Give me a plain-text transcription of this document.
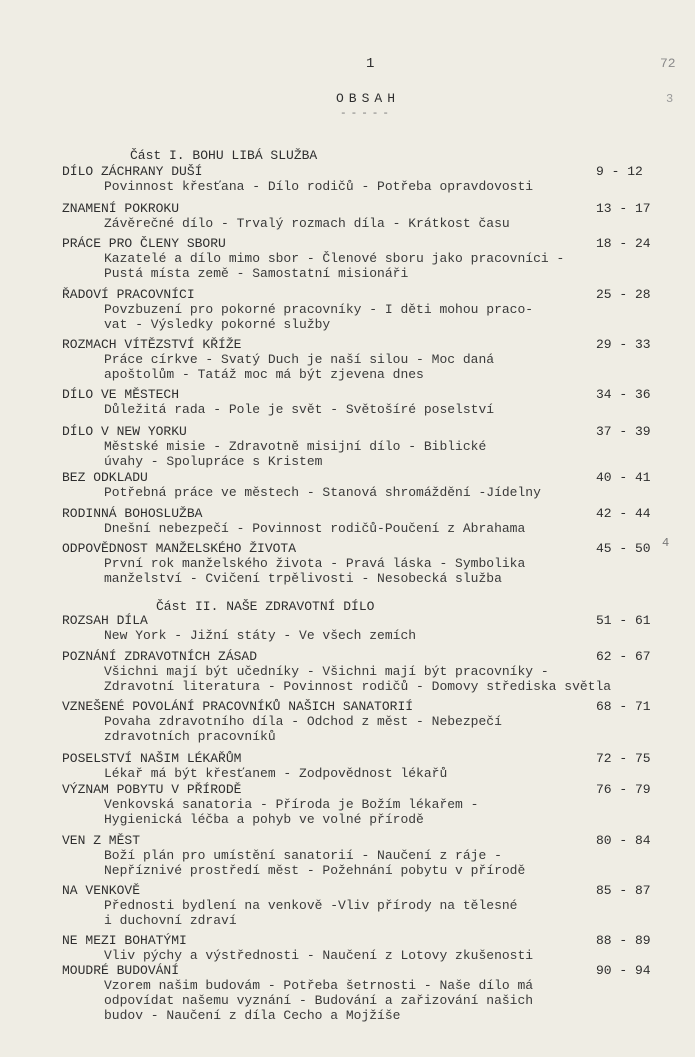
1	72
3
4
OBSAH
-----
Část I. BOHU LIBÁ SLUŽBA
Část II. NAŠE ZDRAVOTNÍ DÍLO
DÍLO ZÁCHRANY DUŠÍ	9 - 12
Povinnost křesťana - Dílo rodičů - Potřeba opravdovosti
ZNAMENÍ POKROKU	13 - 17
Závěrečné dílo - Trvalý rozmach díla - Krátkost času
PRÁCE PRO ČLENY SBORU	18 - 24
Kazatelé a dílo mimo sbor - Členové sboru jako pracovníci -
Pustá místa země - Samostatní misionáři
ŘADOVÍ PRACOVNÍCI	25 - 28
Povzbuzení pro pokorné pracovníky - I děti mohou praco-
vat - Výsledky pokorné služby
ROZMACH VÍTĚZSTVÍ KŘÍŽE	29 - 33
Práce církve - Svatý Duch je naší silou - Moc daná
apoštolům - Tatáž moc má být zjevena dnes
DÍLO VE MĚSTECH	34 - 36
Důležitá rada - Pole je svět - Světošíré poselství
DÍLO V NEW YORKU	37 - 39
Městské misie - Zdravotně misijní dílo - Biblické
úvahy - Spolupráce s Kristem
BEZ ODKLADU	40 - 41
Potřebná práce ve městech - Stanová shromáždění -Jídelny
RODINNÁ BOHOSLUŽBA	42 - 44
Dnešní nebezpečí - Povinnost rodičů-Poučení z Abrahama
ODPOVĚDNOST MANŽELSKÉHO ŽIVOTA	45 - 50
První rok manželského života - Pravá láska - Symbolika
manželství - Cvičení trpělivosti - Nesobecká služba
ROZSAH DÍLA	51 - 61
New York - Jižní státy - Ve všech zemích
POZNÁNÍ ZDRAVOTNÍCH ZÁSAD	62 - 67
Všichni mají být učedníky - Všichni mají být pracovníky -
Zdravotní literatura - Povinnost rodičů - Domovy střediska světla
VZNEŠENÉ POVOLÁNÍ PRACOVNÍKŮ NAŠICH SANATORIÍ	68 - 71
Povaha zdravotního díla - Odchod z měst - Nebezpečí
zdravotních pracovníků
POSELSTVÍ NAŠIM LÉKAŘŮM	72 - 75
Lékař má být křesťanem - Zodpovědnost lékařů
VÝZNAM POBYTU V PŘÍRODĚ	76 - 79
Venkovská sanatoria - Příroda je Božím lékařem -
Hygienická léčba a pohyb ve volné přírodě
VEN Z MĚST	80 - 84
Boží plán pro umístění sanatorií - Naučení z ráje -
Nepříznivé prostředí měst - Požehnání pobytu v přírodě
NA VENKOVĚ	85 - 87
Přednosti bydlení na venkově -Vliv přírody na tělesné
i duchovní zdraví
NE MEZI BOHATÝMI	88 - 89
Vliv pýchy a výstřednosti - Naučení z Lotovy zkušenosti
MOUDRÉ BUDOVÁNÍ	90 - 94
Vzorem našim budovám - Potřeba šetrnosti - Naše dílo má
odpovídat našemu vyznání - Budování a zařizování našich
budov - Naučení z díla Cecho a Mojžíše
